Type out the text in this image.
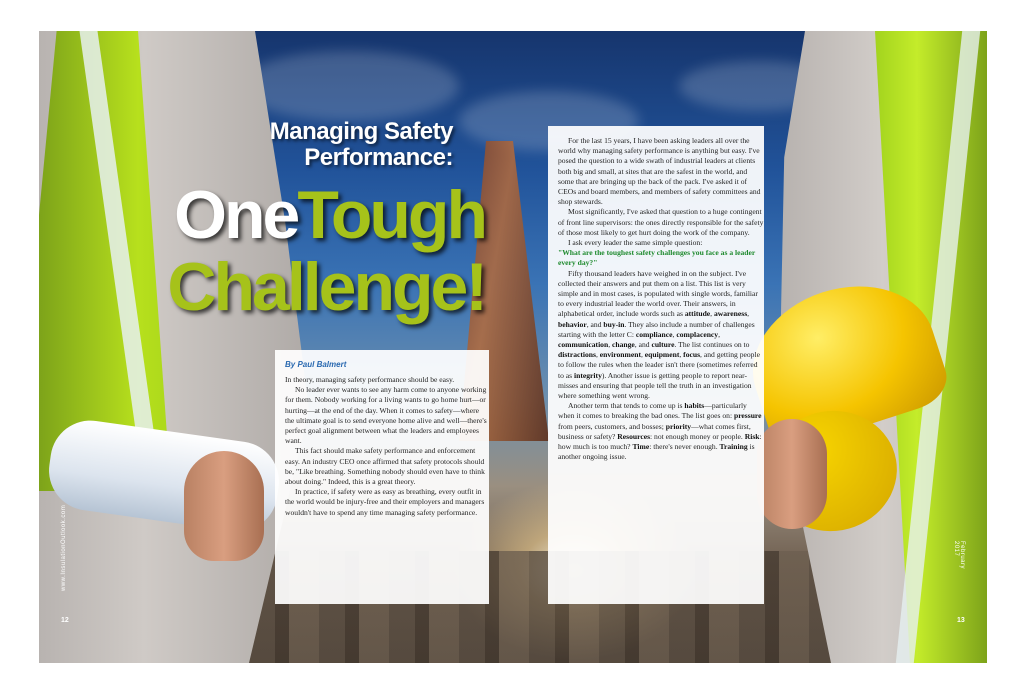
Managing Safety
Performance:
OneTough
Challenge!
By Paul Balmert

In theory, managing safety performance should be easy.

No leader ever wants to see any harm come to anyone working for them. Nobody working for a living wants to go home hurt—or hurting—at the end of the day. When it comes to safety—where the ultimate goal is to send everyone home alive and well—there's perfect goal alignment between what the leaders and employees want.

This fact should make safety performance and enforcement easy. An industry CEO once affirmed that safety protocols should be, "Like breathing. Something nobody should even have to think about doing." Indeed, this is a great theory.

In practice, if safety were as easy as breathing, every outfit in the world would be injury-free and their employers and managers wouldn't have to spend any time managing safety performance.

For the last 15 years, I have been asking leaders all over the world why managing safety performance is anything but easy. I've posed the question to a wide swath of industrial leaders at clients both big and small, at sites that are the safest in the world, and some that are bringing up the back of the pack. I've asked it of CEOs and board members, and members of safety committees and shop stewards.

Most significantly, I've asked that question to a huge contingent of front line supervisors: the ones directly responsible for the safety of those most likely to get hurt doing the work of the company.

I ask every leader the same simple question:

"What are the toughest safety challenges you face as a leader every day?"

Fifty thousand leaders have weighed in on the subject. I've collected their answers and put them on a list. This list is very simple and in most cases, is populated with single words, familiar to every industrial leader the world over. Their answers, in alphabetical order, include words such as attitude, awareness, behavior, and buy-in. They also include a number of challenges starting with the letter C: compliance, complacency, communication, change, and culture. The list continues on to distractions, environment, equipment, focus, and getting people to follow the rules when the leader isn't there (sometimes referred to as integrity). Another issue is getting people to report near-misses and ensuring that people tell the truth in an investigation where something went wrong.

Another term that tends to come up is habits—particularly when it comes to breaking the bad ones. The list goes on: pressure from peers, customers, and bosses; priority—what comes first, business or safety? Resources: not enough money or people. Risk: how much is too much? Time: there's never enough. Training is another ongoing issue.

12	13
www.InsulationOutlook.com	February 2017
